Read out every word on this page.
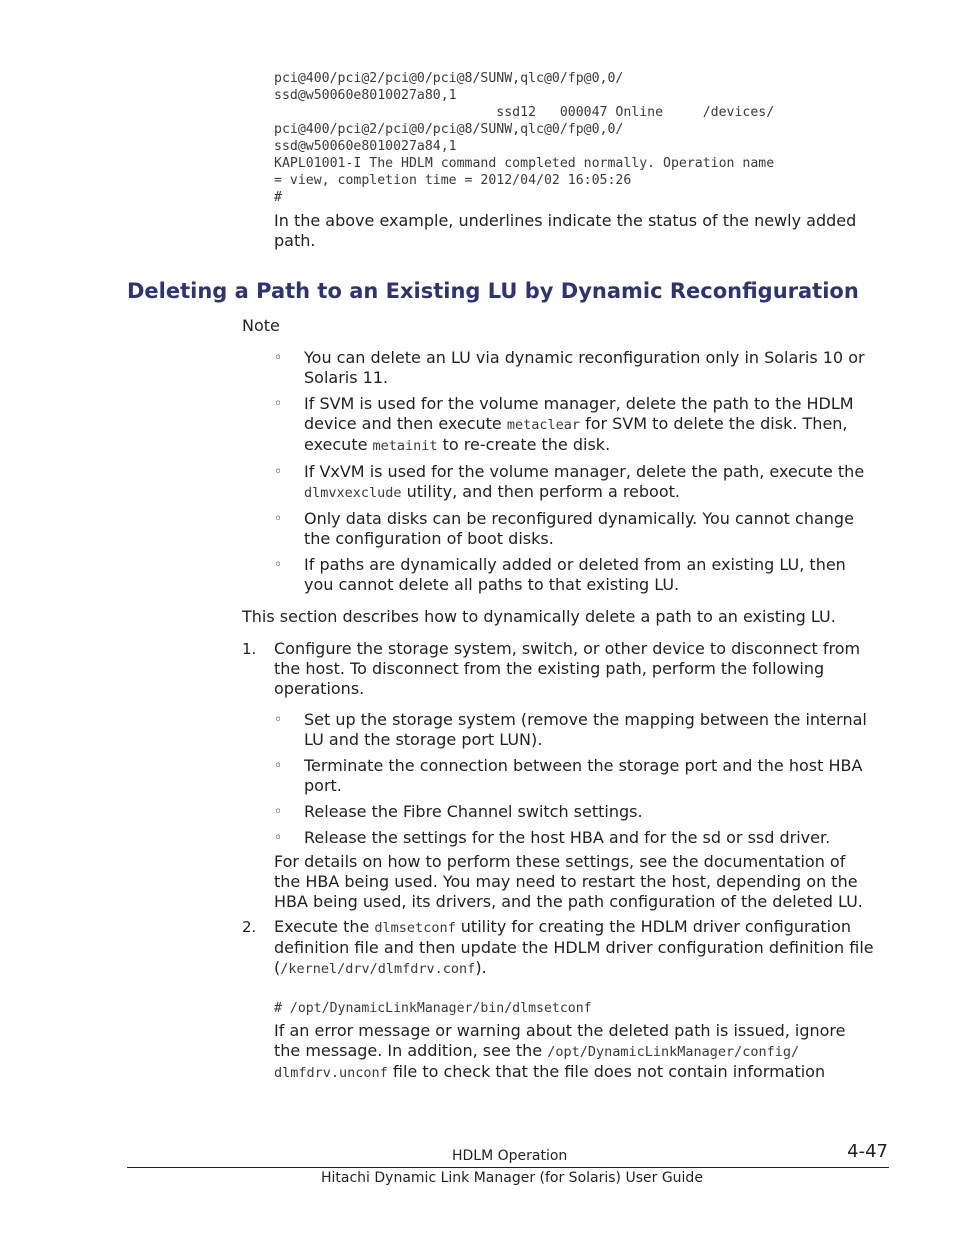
pci@400/pci@2/pci@0/pci@8/SUNW,qlc@0/fp@0,0/
ssd@w50060e8010027a80,1
ssd12   000047 Online     /devices/
pci@400/pci@2/pci@0/pci@8/SUNW,qlc@0/fp@0,0/
ssd@w50060e8010027a84,1
KAPL01001-I The HDLM command completed normally. Operation name
= view, completion time = 2012/04/02 16:05:26
#
In the above example, underlines indicate the status of the newly added
path.
Deleting a Path to an Existing LU by Dynamic Reconfiguration
Note
◦ You can delete an LU via dynamic reconfiguration only in Solaris 10 or
Solaris 11.
◦ If SVM is used for the volume manager, delete the path to the HDLM
device and then execute metaclear for SVM to delete the disk. Then,
execute metainit to re-create the disk.
◦ If VxVM is used for the volume manager, delete the path, execute the
dlmvxexclude utility, and then perform a reboot.
◦ Only data disks can be reconfigured dynamically. You cannot change
the configuration of boot disks.
◦ If paths are dynamically added or deleted from an existing LU, then
you cannot delete all paths to that existing LU.
This section describes how to dynamically delete a path to an existing LU.
1. Configure the storage system, switch, or other device to disconnect from
the host. To disconnect from the existing path, perform the following
operations.
◦ Set up the storage system (remove the mapping between the internal
LU and the storage port LUN).
◦ Terminate the connection between the storage port and the host HBA
port.
◦ Release the Fibre Channel switch settings.
◦ Release the settings for the host HBA and for the sd or ssd driver.
For details on how to perform these settings, see the documentation of
the HBA being used. You may need to restart the host, depending on the
HBA being used, its drivers, and the path configuration of the deleted LU.
2. Execute the dlmsetconf utility for creating the HDLM driver configuration
definition file and then update the HDLM driver configuration definition file
(/kernel/drv/dlmfdrv.conf).
# /opt/DynamicLinkManager/bin/dlmsetconf
If an error message or warning about the deleted path is issued, ignore
the message. In addition, see the /opt/DynamicLinkManager/config/
dlmfdrv.unconf file to check that the file does not contain information
HDLM Operation	4-47
Hitachi Dynamic Link Manager (for Solaris) User Guide
